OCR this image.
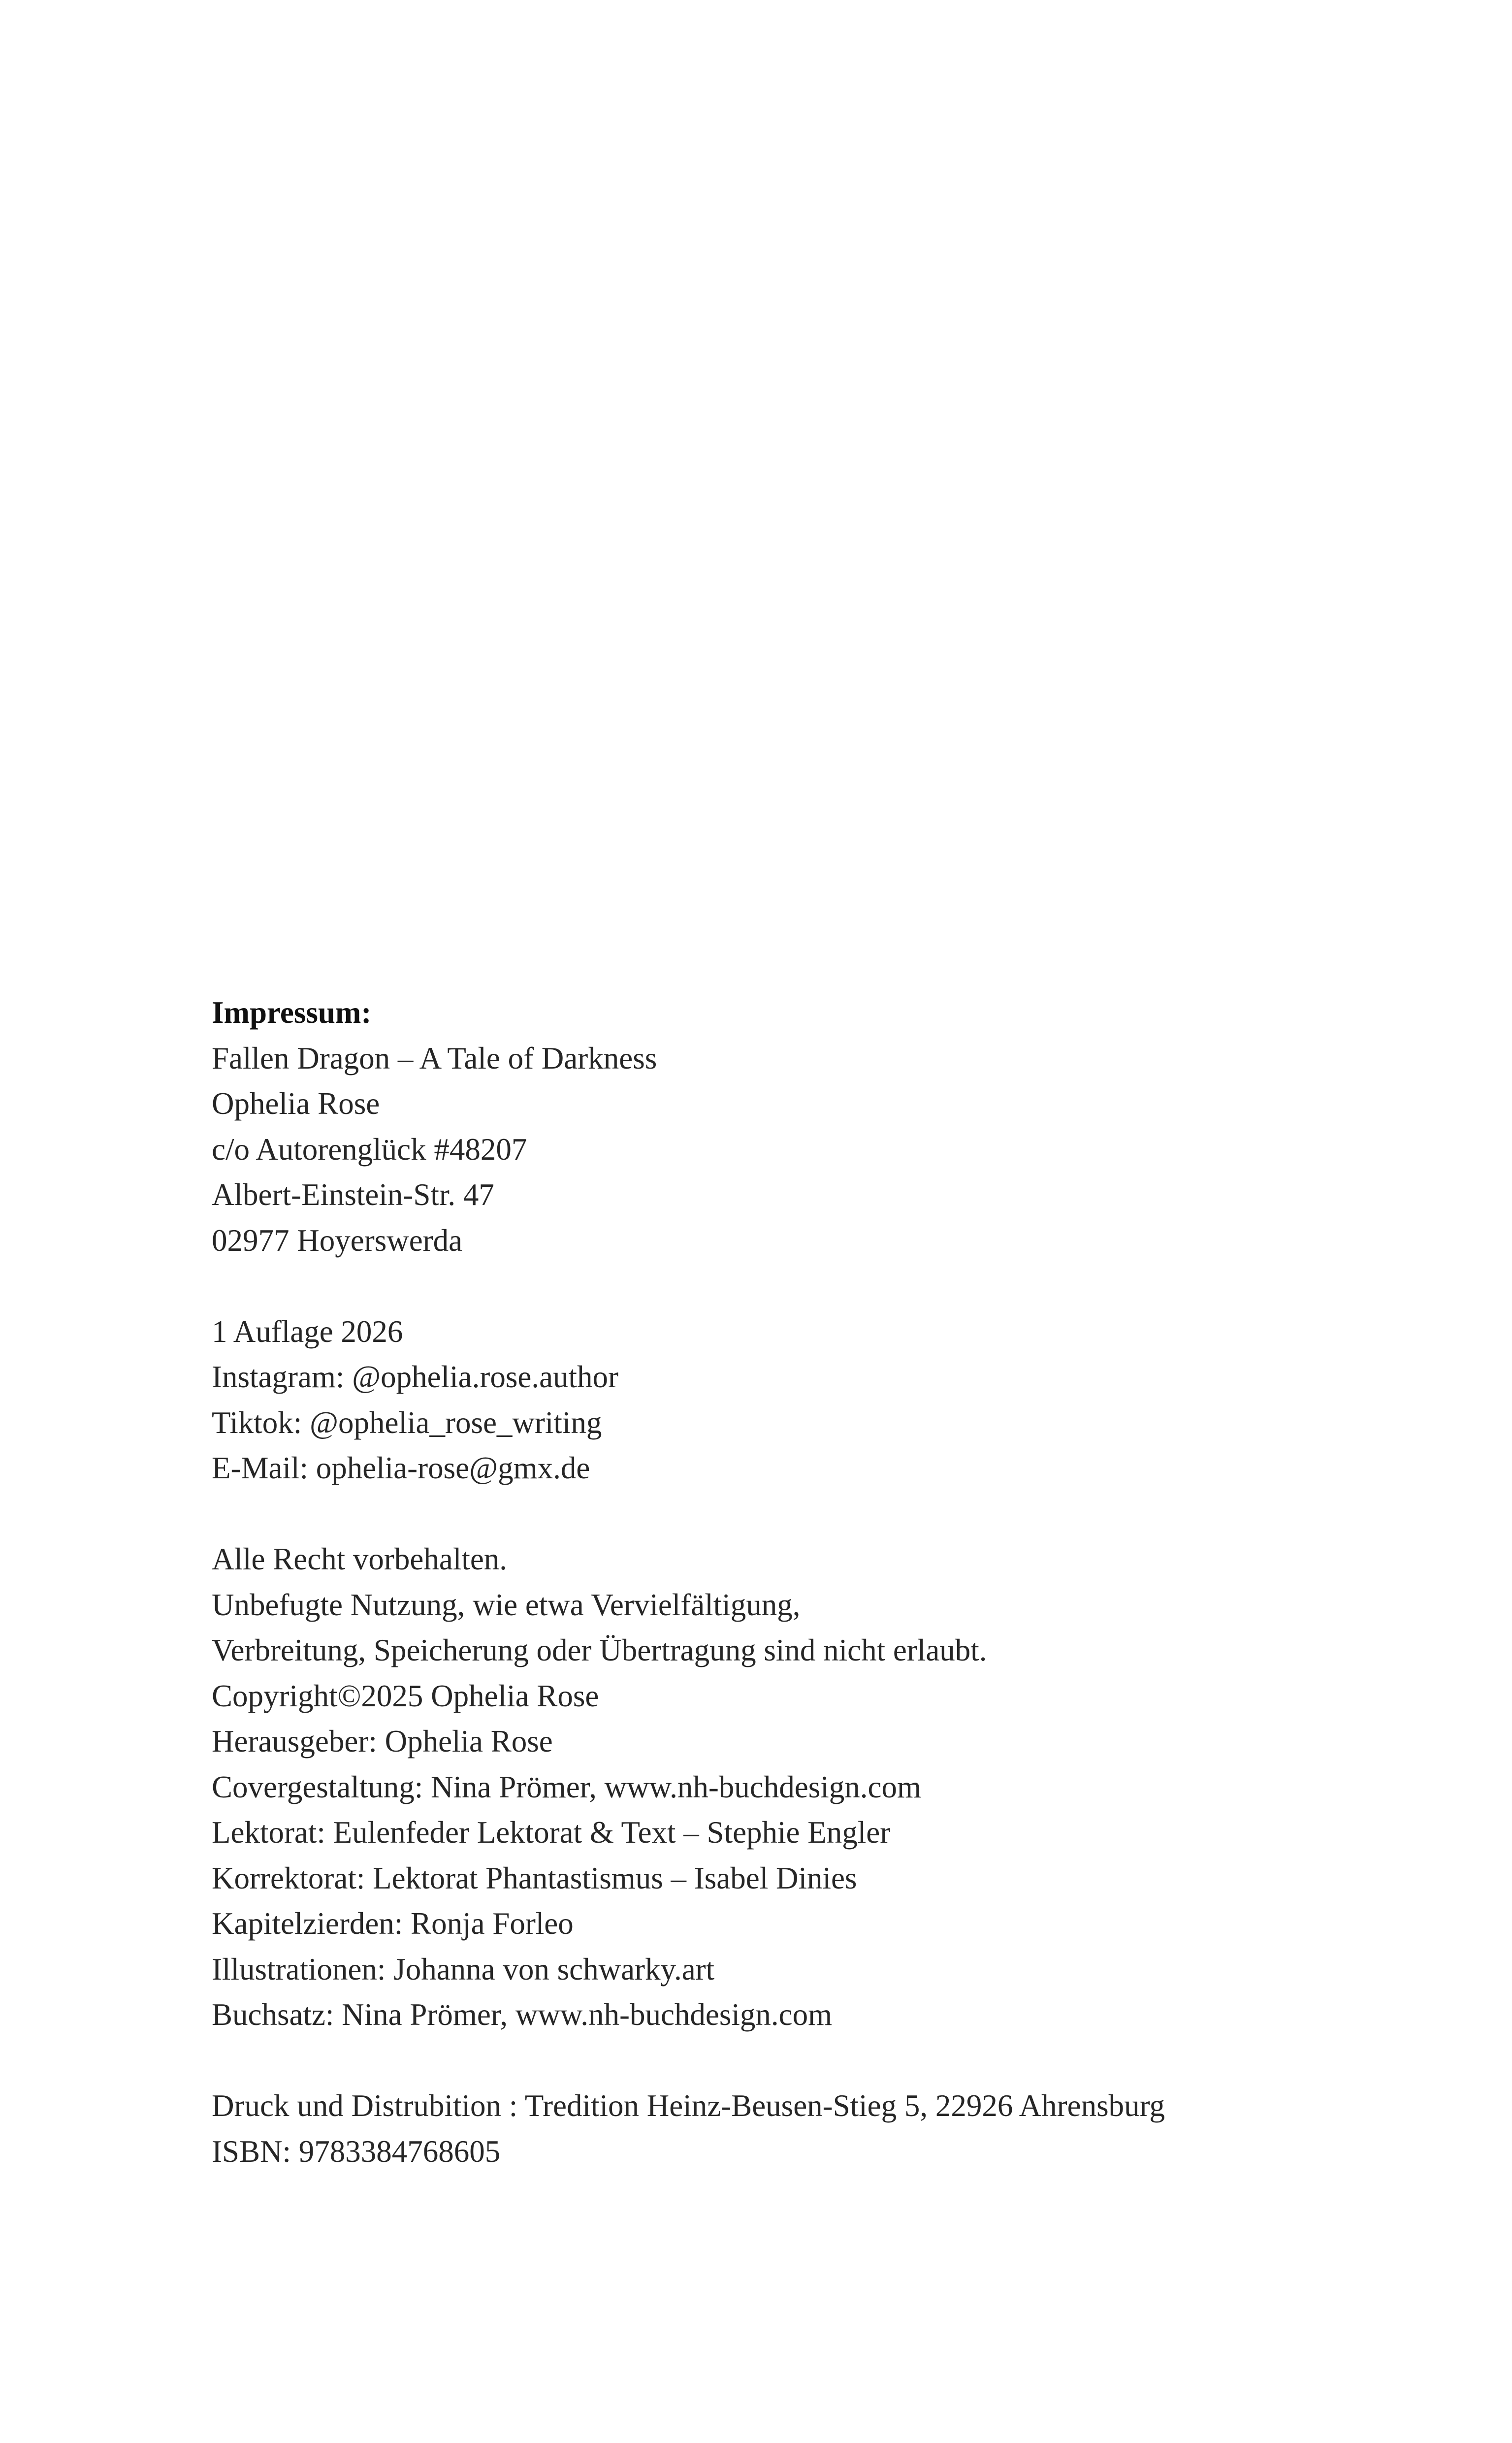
Impressum:
Fallen Dragon – A Tale of Darkness
Ophelia Rose
c/o Autorenglück #48207
Albert-Einstein-Str. 47
02977 Hoyerswerda
1 Auflage 2026
Instagram: @ophelia.rose.author
Tiktok: @ophelia_rose_writing
E-Mail: ophelia-rose@gmx.de
Alle Recht vorbehalten.
Unbefugte Nutzung, wie etwa Vervielfältigung,
Verbreitung, Speicherung oder Übertragung sind nicht erlaubt.
Copyright©2025 Ophelia Rose
Herausgeber: Ophelia Rose
Covergestaltung: Nina Prömer, www.nh-buchdesign.com
Lektorat: Eulenfeder Lektorat & Text – Stephie Engler
Korrektorat: Lektorat Phantastismus – Isabel Dinies
Kapitelzierden: Ronja Forleo
Illustrationen: Johanna von schwarky.art
Buchsatz: Nina Prömer, www.nh-buchdesign.com
Druck und Distrubition : Tredition Heinz-Beusen-Stieg 5, 22926 Ahrensburg
ISBN: 9783384768605
